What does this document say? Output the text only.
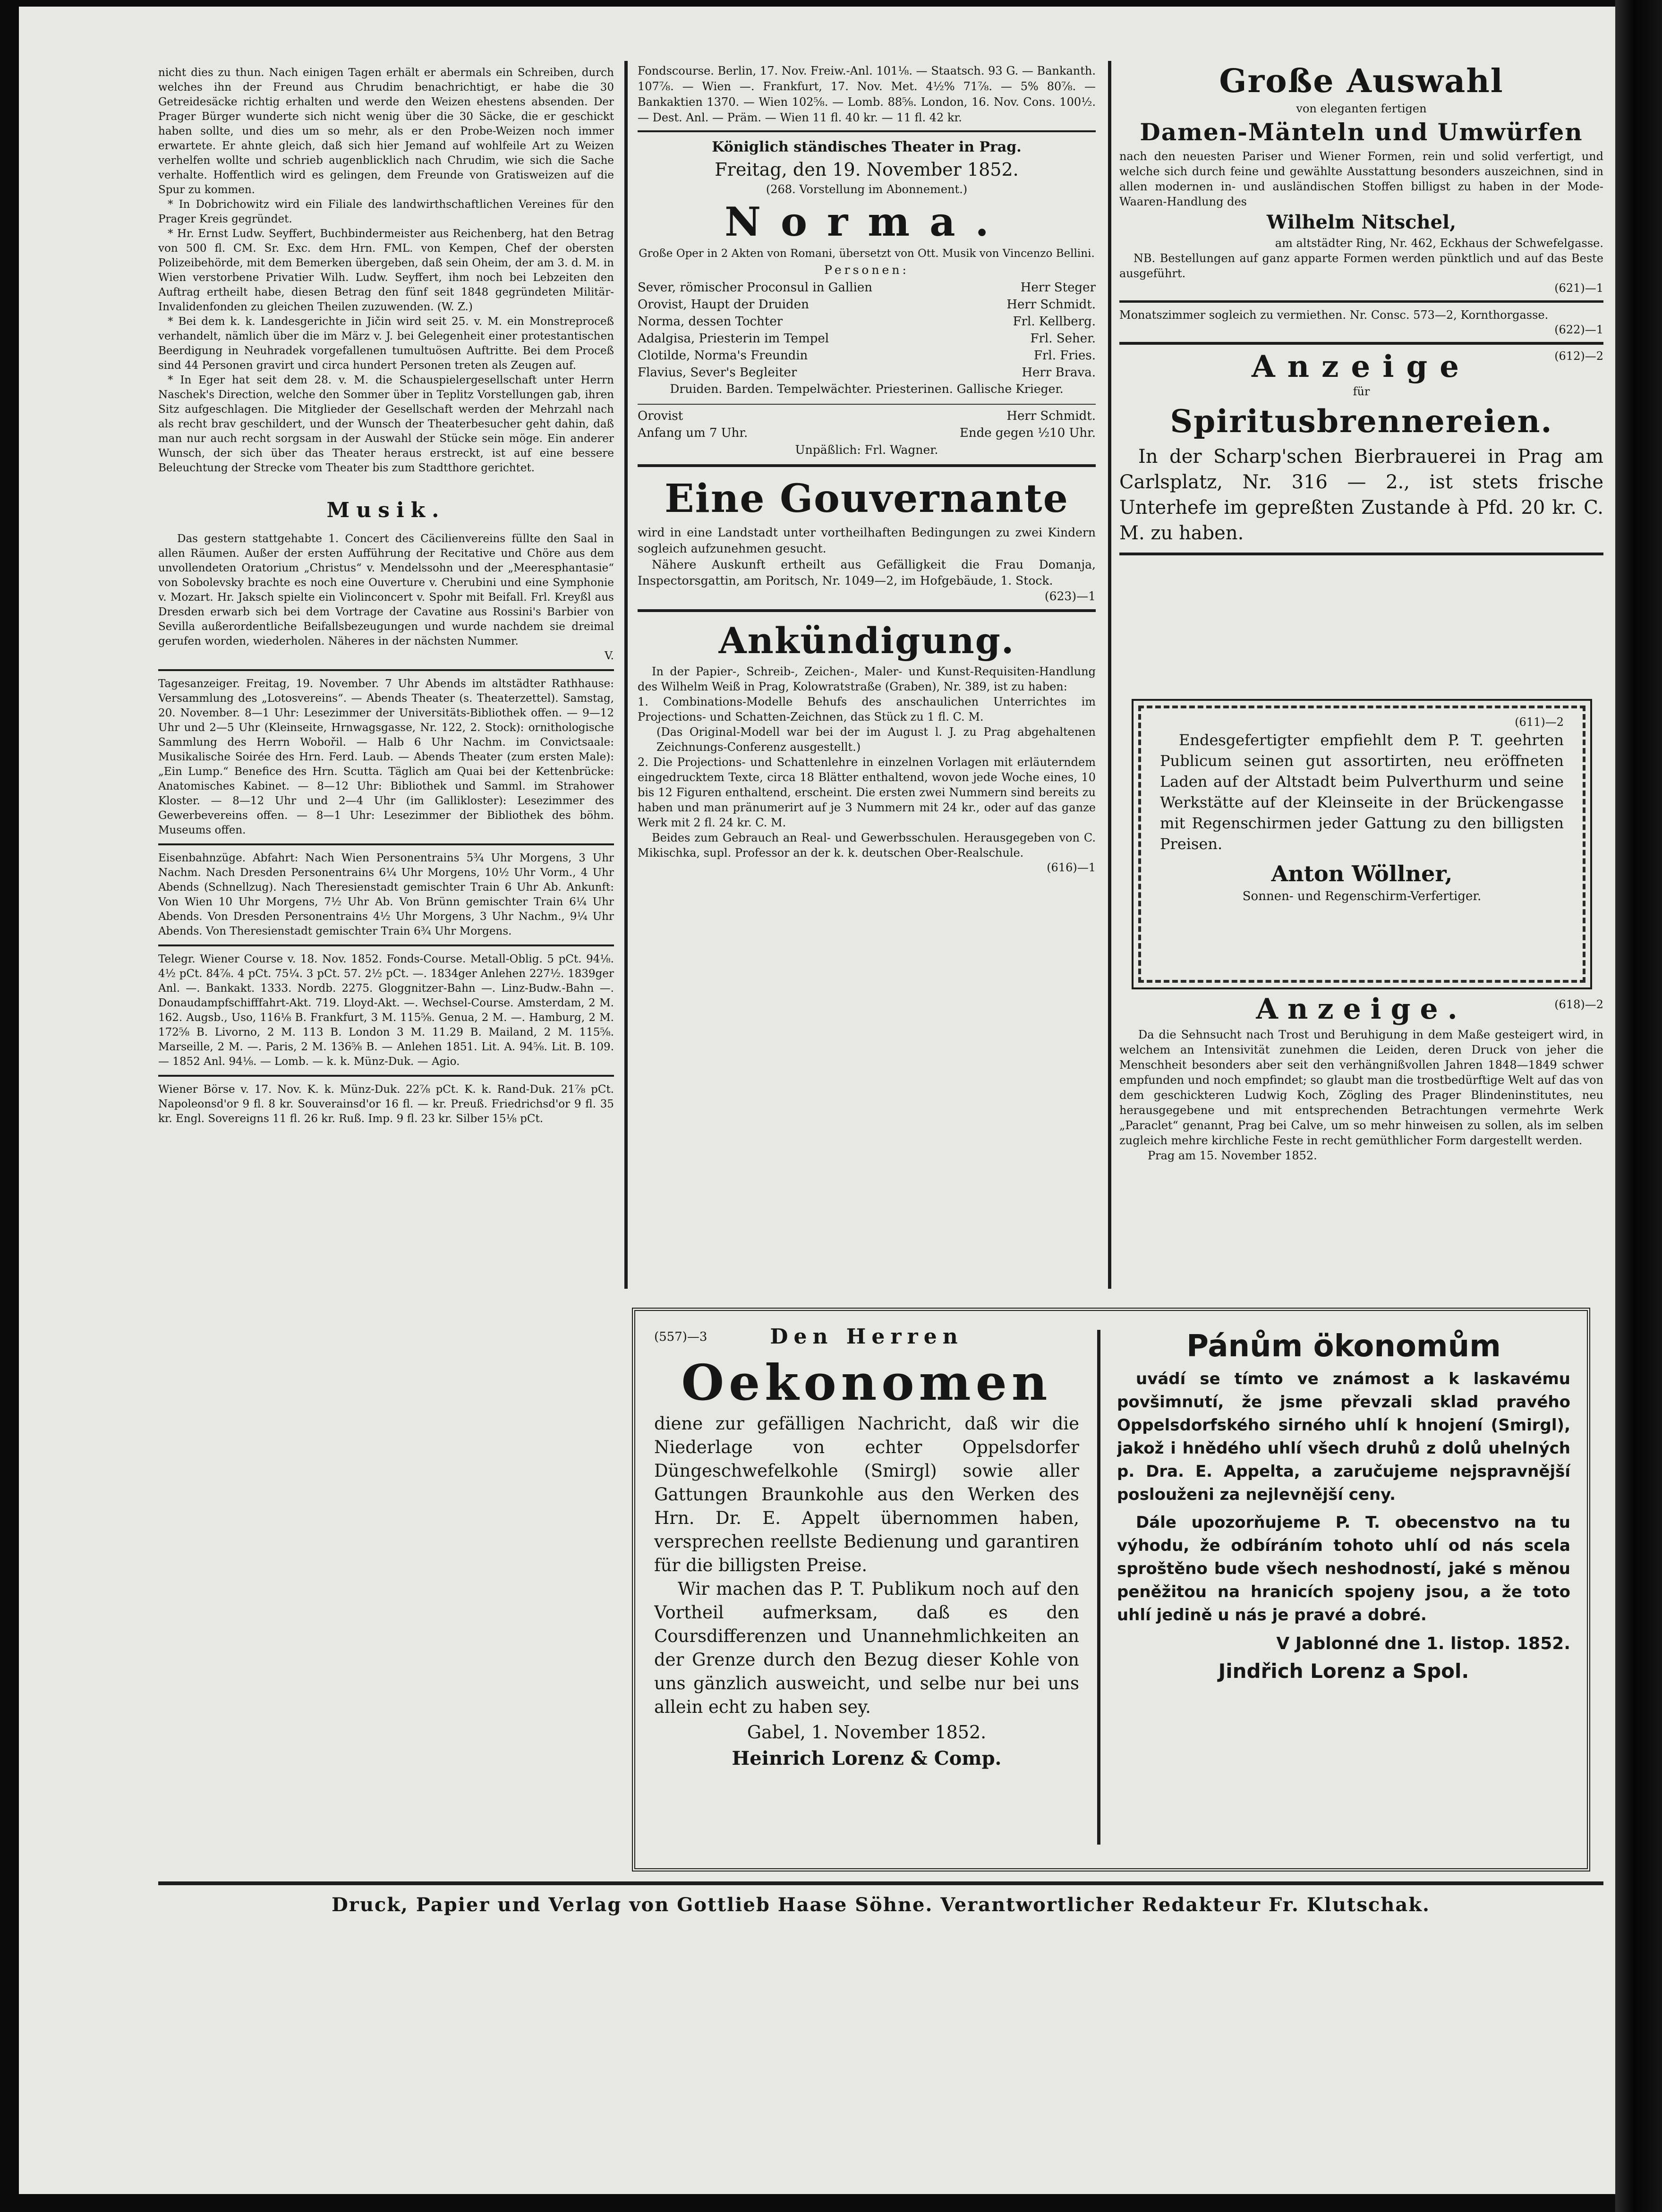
nicht dies zu thun. Nach einigen Tagen erhält er abermals ein Schreiben, durch welches ihn der Freund aus Chrudim benachrichtigt, er habe die 30 Getreidesäcke richtig erhalten und werde den Weizen ehestens absenden. Der Prager Bürger wunderte sich nicht wenig über die 30 Säcke, die er geschickt haben sollte, und dies um so mehr, als er den Probe-Weizen noch immer erwartete. Er ahnte gleich, daß sich hier Jemand auf wohlfeile Art zu Weizen verhelfen wollte und schrieb augenblicklich nach Chrudim, wie sich die Sache verhalte. Hoffentlich wird es gelingen, dem Freunde von Gratisweizen auf die Spur zu kommen.

* In Dobrichowitz wird ein Filiale des landwirthschaftlichen Vereines für den Prager Kreis gegründet.

* Hr. Ernst Ludw. Seyffert, Buchbindermeister aus Reichenberg, hat den Betrag von 500 fl. CM. Sr. Exc. dem Hrn. FML. von Kempen, Chef der obersten Polizeibehörde, mit dem Bemerken übergeben, daß sein Oheim, der am 3. d. M. in Wien verstorbene Privatier Wilh. Ludw. Seyffert, ihm noch bei Lebzeiten den Auftrag ertheilt habe, diesen Betrag den fünf seit 1848 gegründeten Militär-Invalidenfonden zu gleichen Theilen zuzuwenden. (W. Z.)

* Bei dem k. k. Landesgerichte in Jičin wird seit 25. v. M. ein Monstreproceß verhandelt, nämlich über die im März v. J. bei Gelegenheit einer protestantischen Beerdigung in Neuhradek vorgefallenen tumultuösen Auftritte. Bei dem Proceß sind 44 Personen gravirt und circa hundert Personen treten als Zeugen auf.

* In Eger hat seit dem 28. v. M. die Schauspielergesellschaft unter Herrn Naschek's Direction, welche den Sommer über in Teplitz Vorstellungen gab, ihren Sitz aufgeschlagen. Die Mitglieder der Gesellschaft werden der Mehrzahl nach als recht brav geschildert, und der Wunsch der Theaterbesucher geht dahin, daß man nur auch recht sorgsam in der Auswahl der Stücke sein möge. Ein anderer Wunsch, der sich über das Theater heraus erstreckt, ist auf eine bessere Beleuchtung der Strecke vom Theater bis zum Stadtthore gerichtet.

Musik.

Das gestern stattgehabte 1. Concert des Cäcilienvereins füllte den Saal in allen Räumen. Außer der ersten Aufführung der Recitative und Chöre aus dem unvollendeten Oratorium „Christus“ v. Mendelssohn und der „Meeresphantasie“ von Sobolevsky brachte es noch eine Ouverture v. Cherubini und eine Symphonie v. Mozart. Hr. Jaksch spielte ein Violinconcert v. Spohr mit Beifall. Frl. Kreyßl aus Dresden erwarb sich bei dem Vortrage der Cavatine aus Rossini's Barbier von Sevilla außerordentliche Beifallsbezeugungen und wurde nachdem sie dreimal gerufen worden, wiederholen. Näheres in der nächsten Nummer.

V.

Tagesanzeiger. Freitag, 19. November. 7 Uhr Abends im altstädter Rathhause: Versammlung des „Lotosvereins“. — Abends Theater (s. Theaterzettel). Samstag, 20. November. 8—1 Uhr: Lesezimmer der Universitäts-Bibliothek offen. — 9—12 Uhr und 2—5 Uhr (Kleinseite, Hrnwagsgasse, Nr. 122, 2. Stock): ornithologische Sammlung des Herrn Wobořil. — Halb 6 Uhr Nachm. im Convictsaale: Musikalische Soirée des Hrn. Ferd. Laub. — Abends Theater (zum ersten Male): „Ein Lump.“ Benefice des Hrn. Scutta. Täglich am Quai bei der Kettenbrücke: Anatomisches Kabinet. — 8—12 Uhr: Bibliothek und Samml. im Strahower Kloster. — 8—12 Uhr und 2—4 Uhr (im Gallikloster): Lesezimmer des Gewerbevereins offen. — 8—1 Uhr: Lesezimmer der Bibliothek des böhm. Museums offen.

Eisenbahnzüge. Abfahrt: Nach Wien Personentrains 5¾ Uhr Morgens, 3 Uhr Nachm. Nach Dresden Personentrains 6¼ Uhr Morgens, 10½ Uhr Vorm., 4 Uhr Abends (Schnellzug). Nach Theresienstadt gemischter Train 6 Uhr Ab. Ankunft: Von Wien 10 Uhr Morgens, 7½ Uhr Ab. Von Brünn gemischter Train 6¼ Uhr Abends. Von Dresden Personentrains 4½ Uhr Morgens, 3 Uhr Nachm., 9¼ Uhr Abends. Von Theresienstadt gemischter Train 6¾ Uhr Morgens.

Telegr. Wiener Course v. 18. Nov. 1852. Fonds-Course. Metall-Oblig. 5 pCt. 94⅛. 4½ pCt. 84⅞. 4 pCt. 75¼. 3 pCt. 57. 2½ pCt. —. 1834ger Anlehen 227½. 1839ger Anl. —. Bankakt. 1333. Nordb. 2275. Gloggnitzer-Bahn —. Linz-Budw.-Bahn —. Donaudampfschifffahrt-Akt. 719. Lloyd-Akt. —. Wechsel-Course. Amsterdam, 2 M. 162. Augsb., Uso, 116⅛ B. Frankfurt, 3 M. 115⅝. Genua, 2 M. —. Hamburg, 2 M. 172⅝ B. Livorno, 2 M. 113 B. London 3 M. 11.29 B. Mailand, 2 M. 115⅝. Marseille, 2 M. —. Paris, 2 M. 136⅝ B. — Anlehen 1851. Lit. A. 94⅝. Lit. B. 109. — 1852 Anl. 94⅛. — Lomb. — k. k. Münz-Duk. — Agio.

Wiener Börse v. 17. Nov. K. k. Münz-Duk. 22⅞ pCt. K. k. Rand-Duk. 21⅞ pCt. Napoleonsd'or 9 fl. 8 kr. Souverainsd'or 16 fl. — kr. Preuß. Friedrichsd'or 9 fl. 35 kr. Engl. Sovereigns 11 fl. 26 kr. Ruß. Imp. 9 fl. 23 kr. Silber 15⅛ pCt.

Fondscourse. Berlin, 17. Nov. Freiw.-Anl. 101⅛. — Staatsch. 93 G. — Bankanth. 107⅞. — Wien —. Frankfurt, 17. Nov. Met. 4½% 71⅞. — 5% 80⅞. — Bankaktien 1370. — Wien 102⅝. — Lomb. 88⅝. London, 16. Nov. Cons. 100½. — Dest. Anl. — Präm. — Wien 11 fl. 40 kr. — 11 fl. 42 kr.

Königlich ständisches Theater in Prag.

Freitag, den 19. November 1852.

(268. Vorstellung im Abonnement.)

Norma.

Große Oper in 2 Akten von Romani, übersetzt von Ott. Musik von Vincenzo Bellini.

Personen:

Sever, römischer Proconsul in Gallien	Herr Steger
Orovist, Haupt der Druiden	Herr Schmidt.
Norma, dessen Tochter	Frl. Kellberg.
Adalgisa, Priesterin im Tempel	Frl. Seher.
Clotilde, Norma's Freundin	Frl. Fries.
Flavius, Sever's Begleiter	Herr Brava.

Druiden. Barden. Tempelwächter. Priesterinen. Gallische Krieger.

Orovist	Herr Schmidt.
Anfang um 7 Uhr.	Ende gegen ½10 Uhr.

Unpäßlich: Frl. Wagner.

Eine Gouvernante

wird in eine Landstadt unter vortheilhaften Bedingungen zu zwei Kindern sogleich aufzunehmen gesucht.

Nähere Auskunft ertheilt aus Gefälligkeit die Frau Domanja, Inspectorsgattin, am Poritsch, Nr. 1049—2, im Hofgebäude, 1. Stock.

(623)—1

Ankündigung.

In der Papier-, Schreib-, Zeichen-, Maler- und Kunst-Requisiten-Handlung des Wilhelm Weiß in Prag, Kolowratstraße (Graben), Nr. 389, ist zu haben:

1. Combinations-Modelle Behufs des anschaulichen Unterrichtes im Projections- und Schatten-Zeichnen, das Stück zu 1 fl. C. M.

(Das Original-Modell war bei der im August l. J. zu Prag abgehaltenen Zeichnungs-Conferenz ausgestellt.)

2. Die Projections- und Schattenlehre in einzelnen Vorlagen mit erläuterndem eingedrucktem Texte, circa 18 Blätter enthaltend, wovon jede Woche eines, 10 bis 12 Figuren enthaltend, erscheint. Die ersten zwei Nummern sind bereits zu haben und man pränumerirt auf je 3 Nummern mit 24 kr., oder auf das ganze Werk mit 2 fl. 24 kr. C. M.

Beides zum Gebrauch an Real- und Gewerbsschulen. Herausgegeben von C. Mikischka, supl. Professor an der k. k. deutschen Ober-Realschule.

(616)—1

Große Auswahl

von eleganten fertigen

Damen-Mänteln und Umwürfen

nach den neuesten Pariser und Wiener Formen, rein und solid verfertigt, und welche sich durch feine und gewählte Ausstattung besonders auszeichnen, sind in allen modernen in- und ausländischen Stoffen billigst zu haben in der Mode-Waaren-Handlung des

Wilhelm Nitschel,

am altstädter Ring, Nr. 462, Eckhaus der Schwefelgasse.

NB. Bestellungen auf ganz apparte Formen werden pünktlich und auf das Beste ausgeführt.

(621)—1

Monatszimmer sogleich zu vermiethen. Nr. Consc. 573—2, Kornthorgasse.

(622)—1

Anzeige	(612)—2

für

Spiritusbrennereien.

In der Scharp'schen Bierbrauerei in Prag am Carlsplatz, Nr. 316 — 2., ist stets frische Unterhefe im gepreßten Zustande à Pfd. 20 kr. C. M. zu haben.

(611)—2

Endesgefertigter empfiehlt dem P. T. geehrten Publicum seinen gut assortirten, neu eröffneten Laden auf der Altstadt beim Pulverthurm und seine Werkstätte auf der Kleinseite in der Brückengasse mit Regenschirmen jeder Gattung zu den billigsten Preisen.

Anton Wöllner,

Sonnen- und Regenschirm-Verfertiger.

Anzeige.	(618)—2

Da die Sehnsucht nach Trost und Beruhigung in dem Maße gesteigert wird, in welchem an Intensivität zunehmen die Leiden, deren Druck von jeher die Menschheit besonders aber seit den verhängnißvollen Jahren 1848—1849 schwer empfunden und noch empfindet; so glaubt man die trostbedürftige Welt auf das von dem geschickteren Ludwig Koch, Zögling des Prager Blindeninstitutes, neu herausgegebene und mit entsprechenden Betrachtungen vermehrte Werk „Paraclet“ genannt, Prag bei Calve, um so mehr hinweisen zu sollen, als im selben zugleich mehre kirchliche Feste in recht gemüthlicher Form dargestellt werden.

Prag am 15. November 1852.

(557)—3	Den Herren

Oekonomen

diene zur gefälligen Nachricht, daß wir die Niederlage von echter Oppelsdorfer Düngeschwefelkohle (Smirgl) sowie aller Gattungen Braunkohle aus den Werken des Hrn. Dr. E. Appelt übernommen haben, versprechen reellste Bedienung und garantiren für die billigsten Preise.

Wir machen das P. T. Publikum noch auf den Vortheil aufmerksam, daß es den Coursdifferenzen und Unannehmlichkeiten an der Grenze durch den Bezug dieser Kohle von uns gänzlich ausweicht, und selbe nur bei uns allein echt zu haben sey.

Gabel, 1. November 1852.

Heinrich Lorenz & Comp.

Pánům ökonomům

uvádí se tímto ve známost a k laskavému povšimnutí, že jsme převzali sklad pravého Oppelsdorfského sirného uhlí k hnojení (Smirgl), jakož i hnědého uhlí všech druhů z dolů uhelných p. Dra. E. Appelta, a zaručujeme nejspravnější poslouženi za nejlevnější ceny.

Dále upozorňujeme P. T. obecenstvo na tu výhodu, že odbíráním tohoto uhlí od nás scela sproštěno bude všech neshodností, jaké s měnou peněžitou na hranicích spojeny jsou, a že toto uhlí jedině u nás je pravé a dobré.

V Jablonné dne 1. listop. 1852.

Jindřich Lorenz a Spol.

Druck, Papier und Verlag von Gottlieb Haase Söhne. Verantwortlicher Redakteur Fr. Klutschak.
